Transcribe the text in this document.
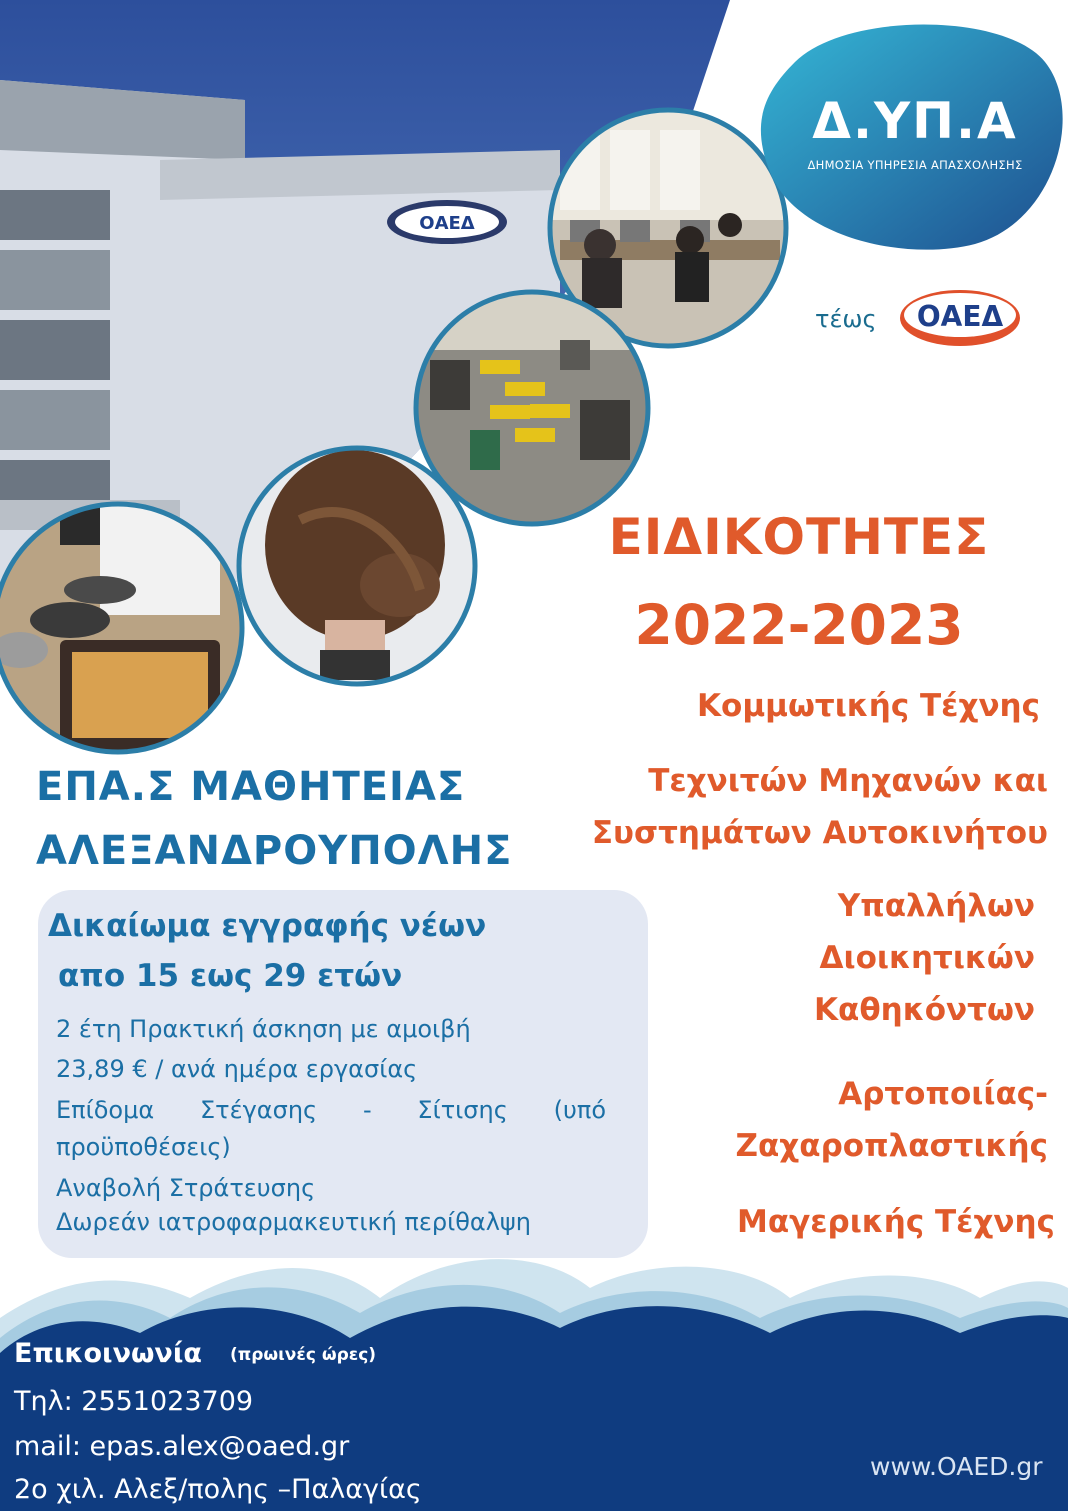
ΟΑΕΔ
Δ.ΥΠ.Α
ΔΗΜΟΣΙΑ ΥΠΗΡΕΣΙΑ ΑΠΑΣΧΟΛΗΣΗΣ
τέως ΟΑΕΔ
ΕΙΔΙΚΟΤΗΤΕΣ
2022-2023
Κομμωτικής Τέχνης
Τεχνιτών Μηχανών και
Συστημάτων Αυτοκινήτου
Υπαλλήλων
Διοικητικών
Καθηκόντων
Αρτοποιίας-
Ζαχαροπλαστικής
Μαγερικής Τέχνης
ΕΠΑ.Σ ΜΑΘΗΤΕΙΑΣ
ΑΛΕΞΑΝΔΡΟΥΠΟΛΗΣ
Δικαίωμα εγγραφής νέων
απο 15 εως 29 ετών
2 έτη Πρακτική άσκηση με αμοιβή
23,89 € / ανά ημέρα εργασίας
Επίδομα Στέγασης - Σίτισης (υπό
προϋποθέσεις)
Αναβολή Στράτευσης
Δωρεάν ιατροφαρμακευτική περίθαλψη
Επικοινωνία (πρωινές ώρες)
Τηλ: 2551023709
mail: epas.alex@oaed.gr
2ο χιλ. Αλεξ/πολης –Παλαγίας
www.OAED.gr
